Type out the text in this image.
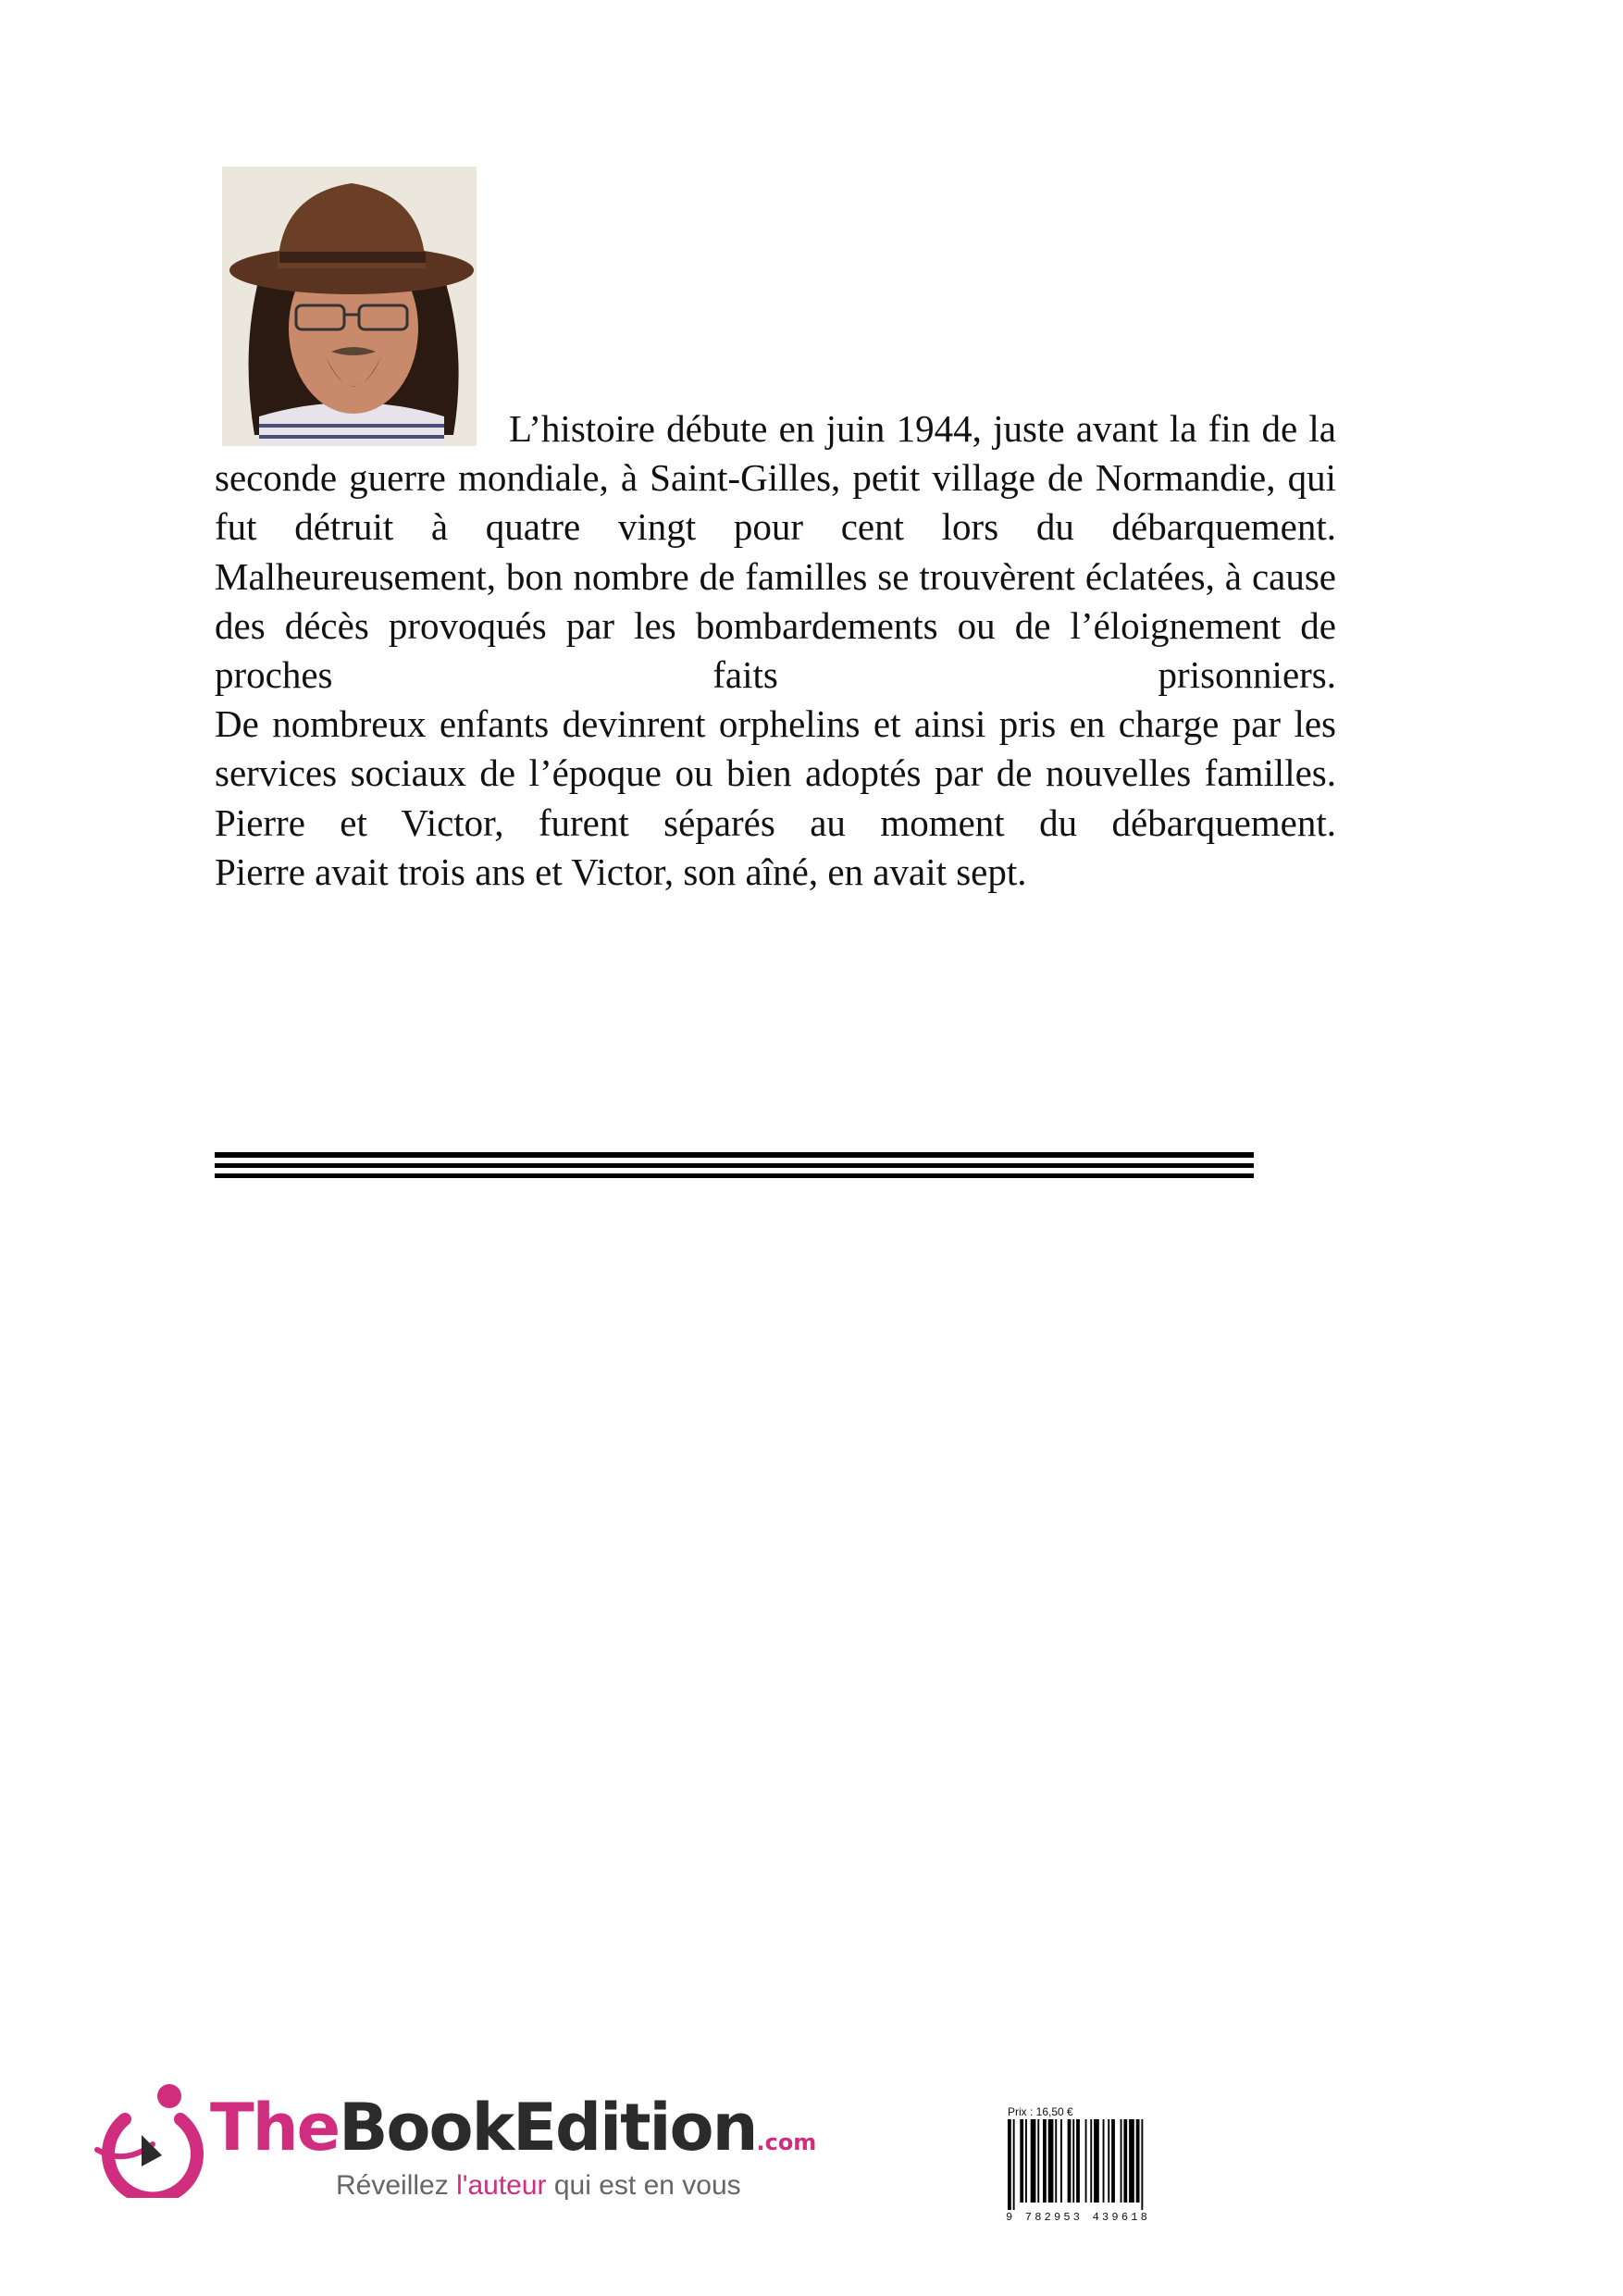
L’histoire débute en juin 1944, juste avant la fin de la seconde guerre mondiale, à Saint-Gilles, petit village de Normandie, qui fut détruit à quatre vingt pour cent lors du débarquement.

Malheureusement, bon nombre de familles se trouvèrent éclatées, à cause des décès provoqués par les bombardements ou de l’éloignement de proches faits prisonniers.

De nombreux enfants devinrent orphelins et ainsi pris en charge par les services sociaux de l’époque ou bien adoptés par de nouvelles familles.

Pierre et Victor, furent séparés au moment du débarquement.

Pierre avait trois ans et Victor, son aîné, en avait sept.

TheBookEdition.com
Réveillez l'auteur qui est en vous
Prix : 16,50 €
9 782953 439618
